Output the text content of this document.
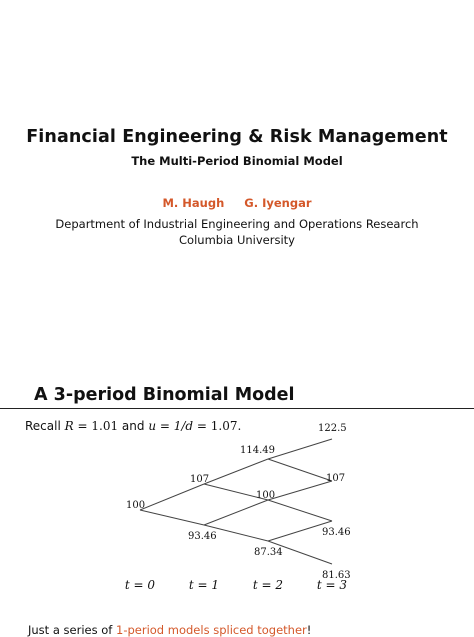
Financial Engineering & Risk Management
The Multi-Period Binomial Model
M. Haugh G. Iyengar
Department of Industrial Engineering and Operations Research
Columbia University
A 3-period Binomial Model
Recall R = 1.01 and u = 1/d = 1.07.
100
107
93.46
114.49
100
87.34
122.5
107
93.46
81.63
t = 0	t = 1	t = 2	t = 3
Just a series of 1-period models spliced together!
